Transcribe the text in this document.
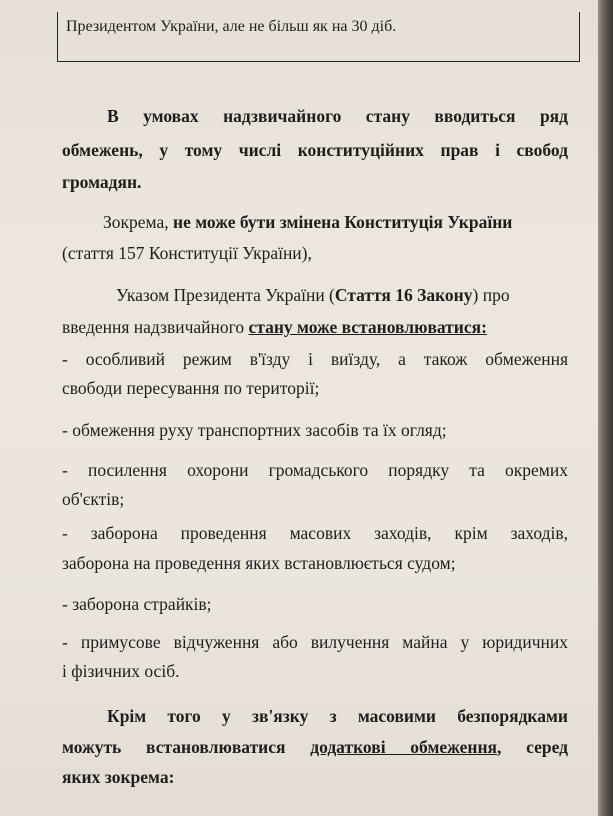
Президентом України, але не більш як на 30 діб.
В умовах надзвичайного стану вводиться ряд
обмежень, у тому числі конституційних прав і свобод
громадян.
Зокрема, не може бути змінена Конституція України
(стаття 157 Конституції України),
Указом Президента України (Стаття 16 Закону) про
введення надзвичайного стану може встановлюватися:
- особливий режим в'їзду і виїзду, а також обмеження
свободи пересування по території;
- обмеження руху транспортних засобів та їх огляд;
- посилення охорони громадського порядку та окремих
об'єктів;
- заборона проведення масових заходів, крім заходів,
заборона на проведення яких встановлюється судом;
- заборона страйків;
- примусове відчуження або вилучення майна у юридичних
і фізичних осіб.
Крім того у зв'язку з масовими безпорядками
можуть встановлюватися додаткові обмеження, серед
яких зокрема:
